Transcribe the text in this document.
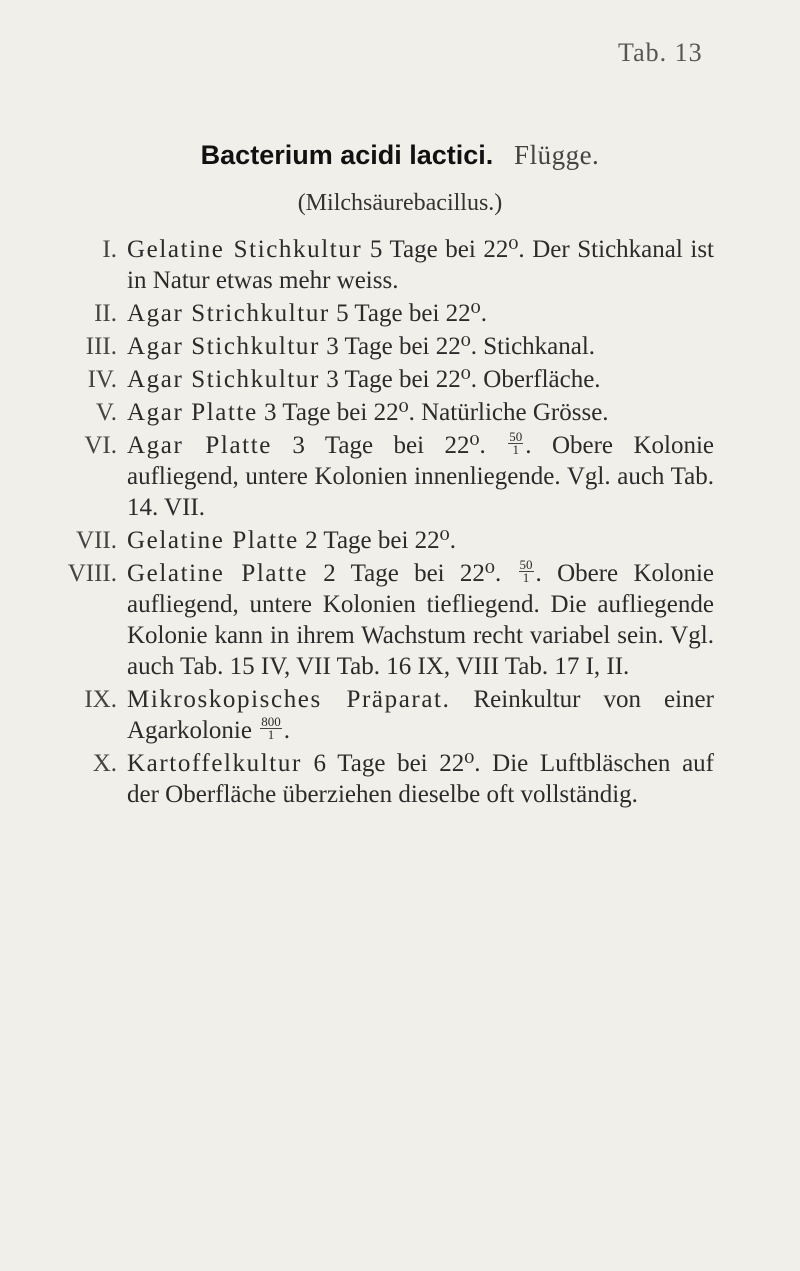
Tab. 13
Bacterium acidi lactici. Flügge.
(Milchsäurebacillus.)
I. Gelatine Stichkultur 5 Tage bei 22⁰. Der Stichkanal ist in Natur etwas mehr weiss.
II. Agar Strichkultur 5 Tage bei 22⁰.
III. Agar Stichkultur 3 Tage bei 22⁰. Stichkanal.
IV. Agar Stichkultur 3 Tage bei 22⁰. Oberfläche.
V. Agar Platte 3 Tage bei 22⁰. Natürliche Grösse.
VI. Agar Platte 3 Tage bei 22⁰. $\frac{50}{1}$ . Obere Kolonie aufliegend, untere Kolonien innenliegende. Vgl. auch Tab. 14. VII.
VII. Gelatine Platte 2 Tage bei 22⁰.
VIII. Gelatine Platte 2 Tage bei 22⁰. $\frac{50}{1}$ . Obere Kolonie aufliegend, untere Kolonien tiefliegend. Die aufliegende Kolonie kann in ihrem Wachstum recht variabel sein. Vgl. auch Tab. 15 IV, VII Tab. 16 IX, VIII Tab. 17 I, II.
IX. Mikroskopisches Präparat. Reinkultur von einer Agarkolonie $\frac{800}{1}$ .
X. Kartoffelkultur 6 Tage bei 22⁰. Die Luftbläschen auf der Oberfläche überziehen dieselbe oft vollständig.
